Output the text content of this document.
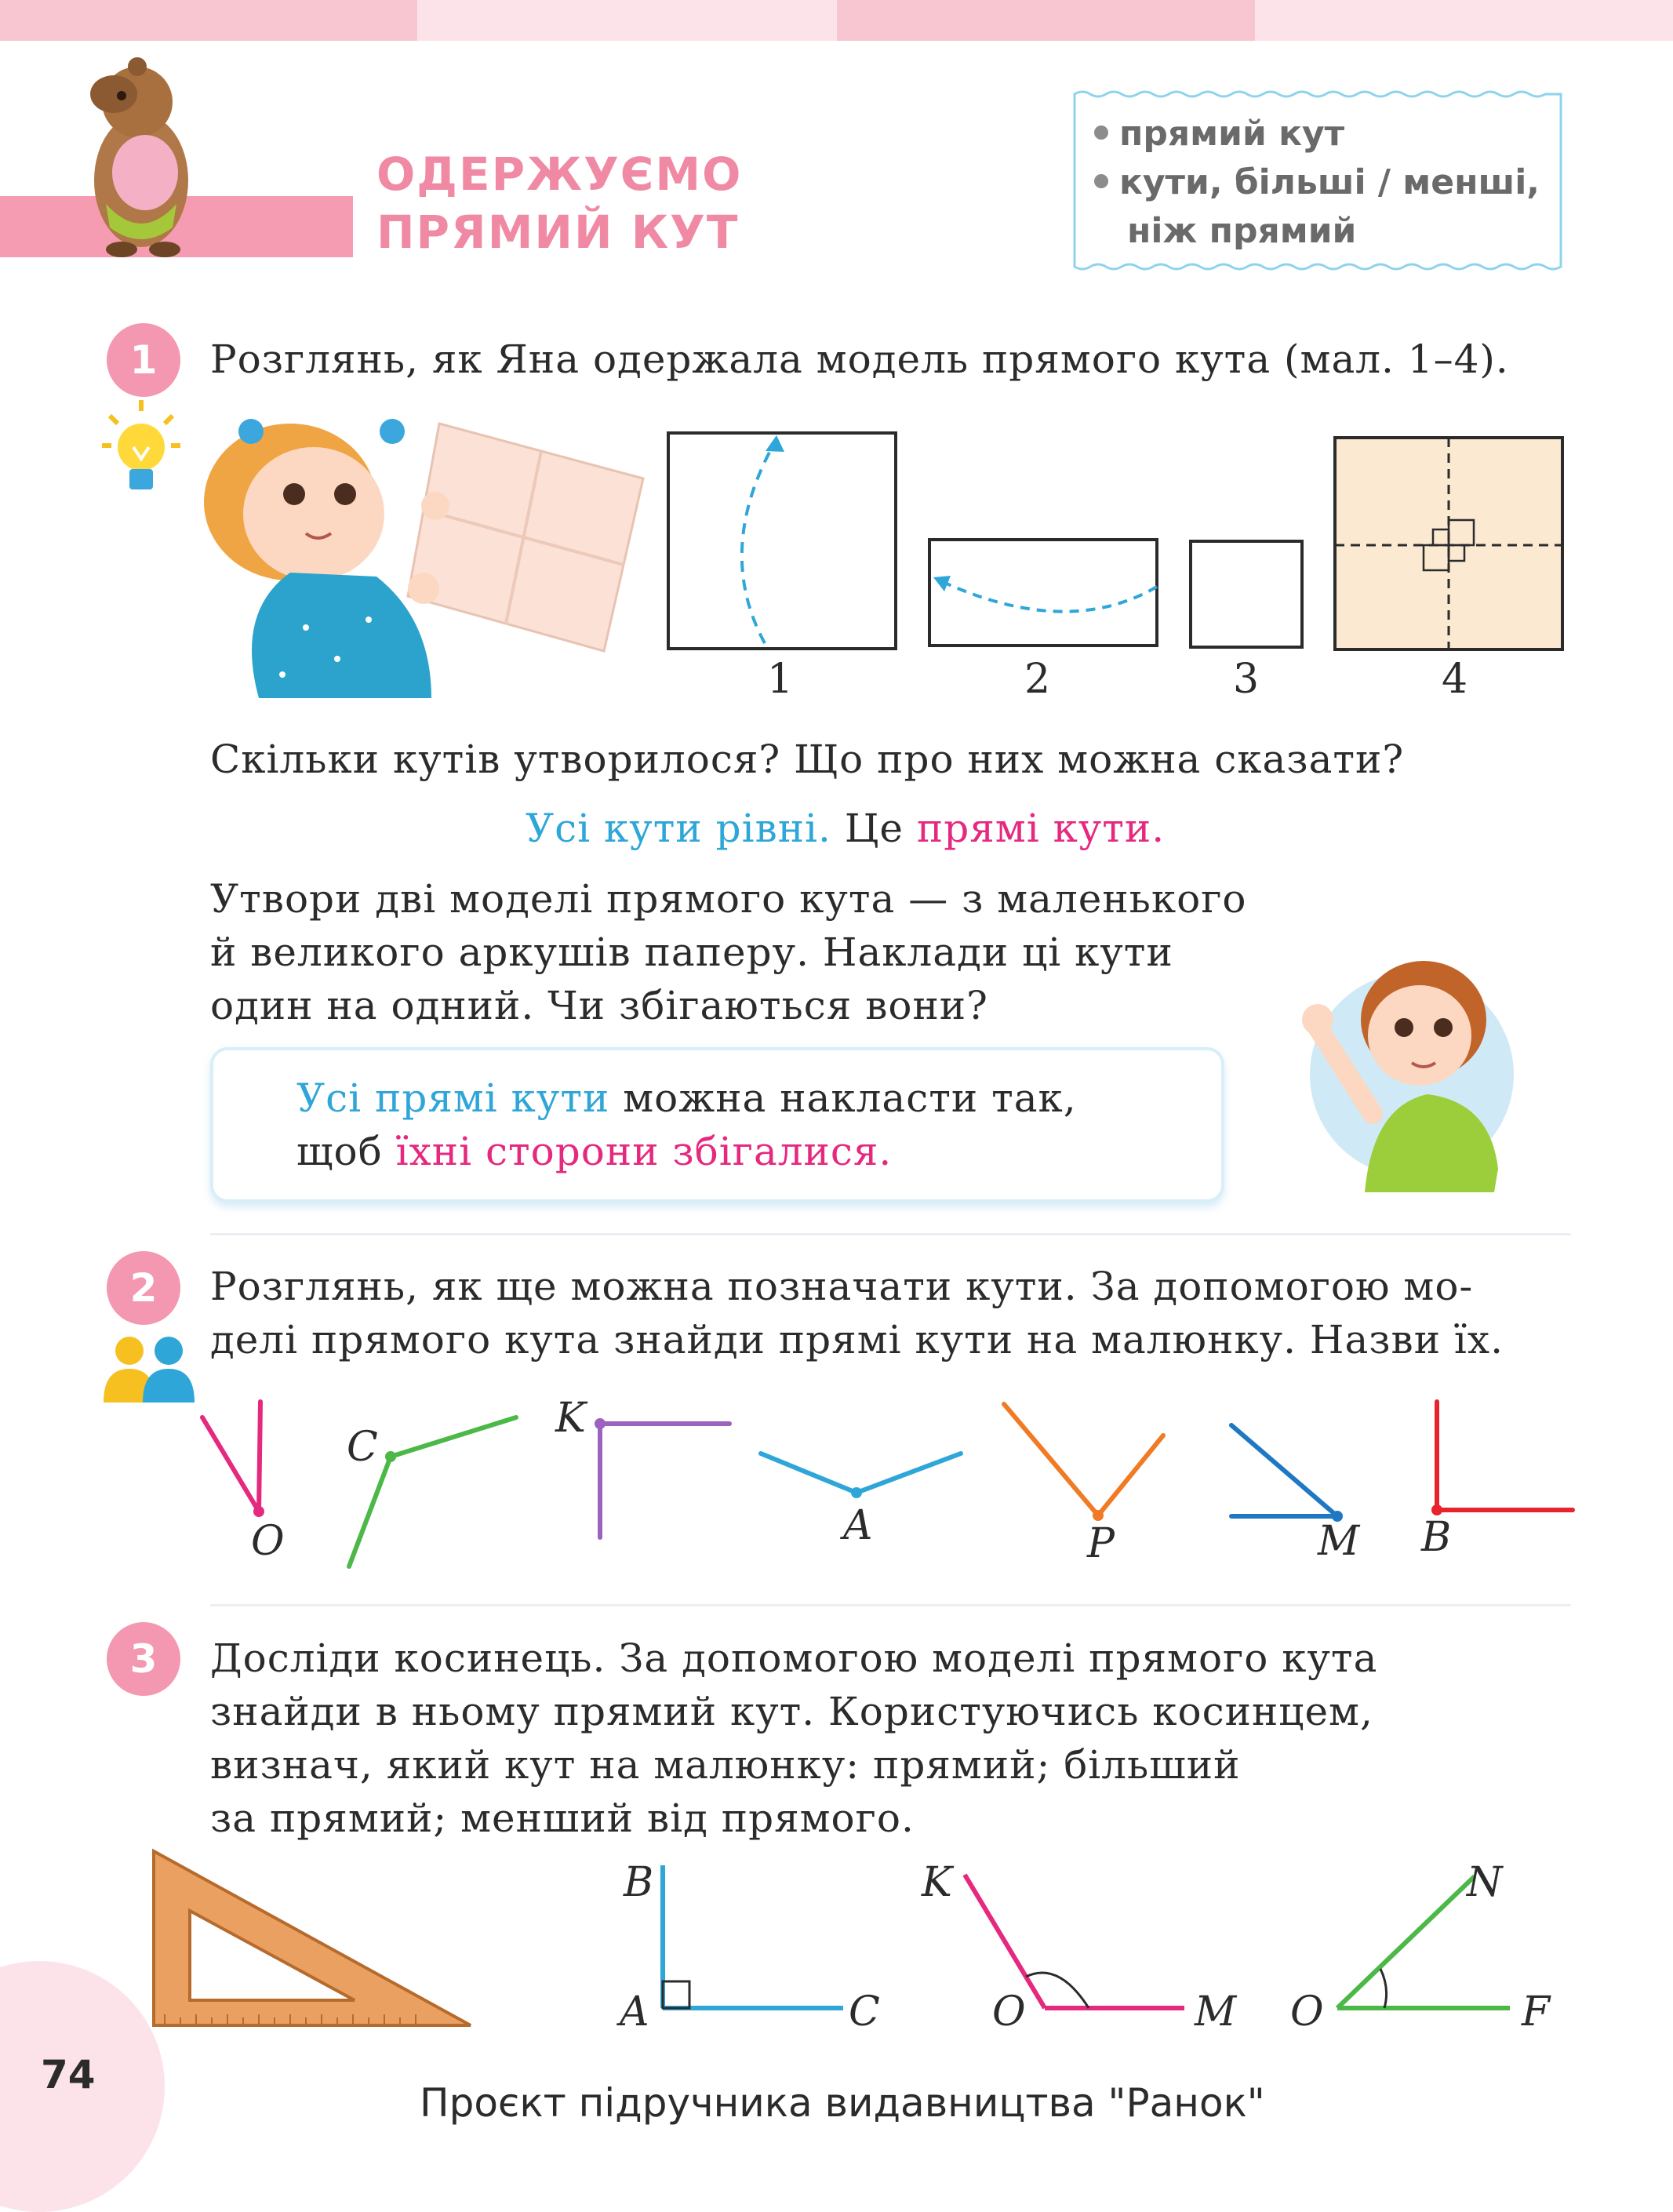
ОДЕРЖУЄМО
ПРЯМИЙ КУТ
прямий кут
кути, більші / менші,
ніж прямий
1	Розглянь, як Яна одержала модель прямого кута (мал. 1–4).
1	2	3	4
Скільки кутів утворилося? Що про них можна сказати?
Усі кути рівні. Це прямі кути.
Утвори дві моделі прямого кута — з маленького
й великого аркушів паперу. Наклади ці кути
один на одний. Чи збігаються вони?
Усі прямі кути можна накласти так,
щоб їхні сторони збігалися.
2	Розглянь, як ще можна позначати кути. За допомогою мо-
делі прямого кута знайди прямі кути на малюнку. Назви їх.
O
C
K
A	P	M B
3	Досліди косинець. За допомогою моделі прямого кута
знайди в ньому прямий кут. Користуючись косинцем,
визнач, який кут на малюнку: прямий; більший
за прямий; менший від прямого.
B
A	C
K
O	M
N
O	F
74
Проєкт підручника видавництва "Ранок"
